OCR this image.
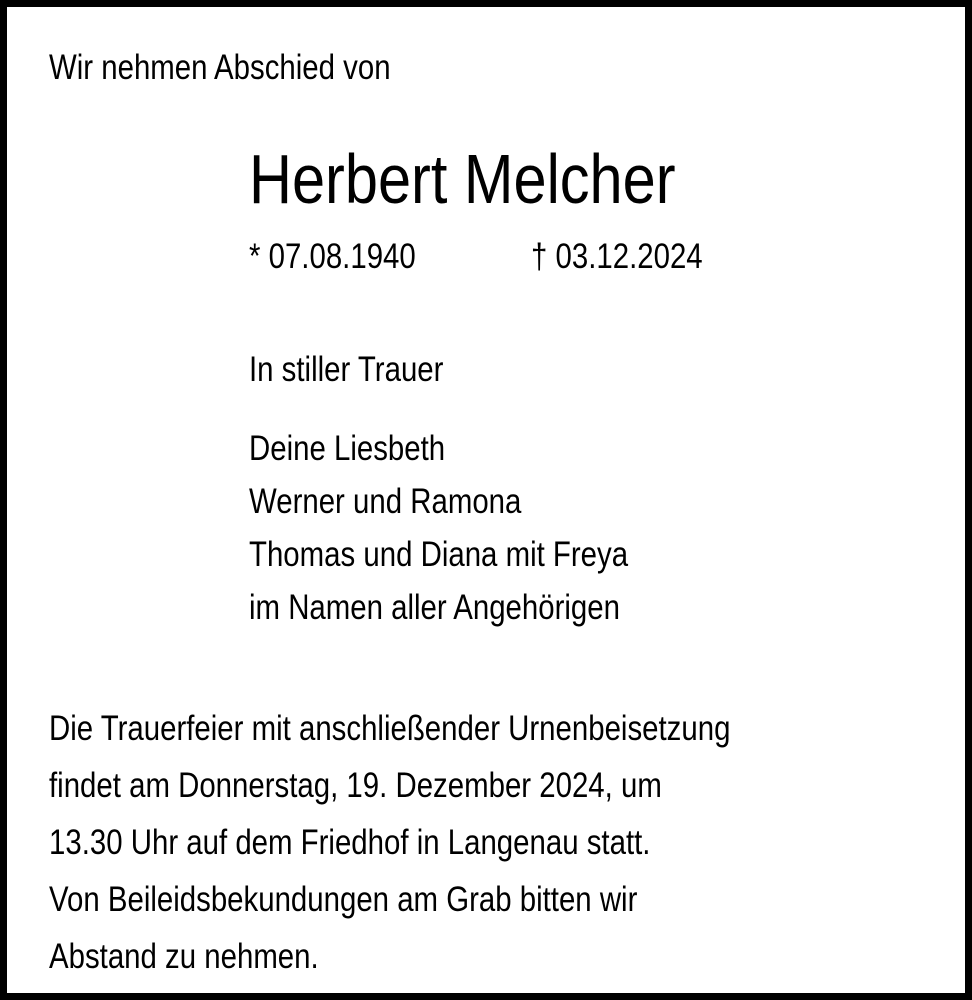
Wir nehmen Abschied von
Herbert Melcher
* 07.08.1940	† 03.12.2024
In stiller Trauer
Deine Liesbeth
Werner und Ramona
Thomas und Diana mit Freya
im Namen aller Angehörigen
Die Trauerfeier mit anschließender Urnenbeisetzung
findet am Donnerstag, 19. Dezember 2024, um
13.30 Uhr auf dem Friedhof in Langenau statt.
Von Beileidsbekundungen am Grab bitten wir
Abstand zu nehmen.
